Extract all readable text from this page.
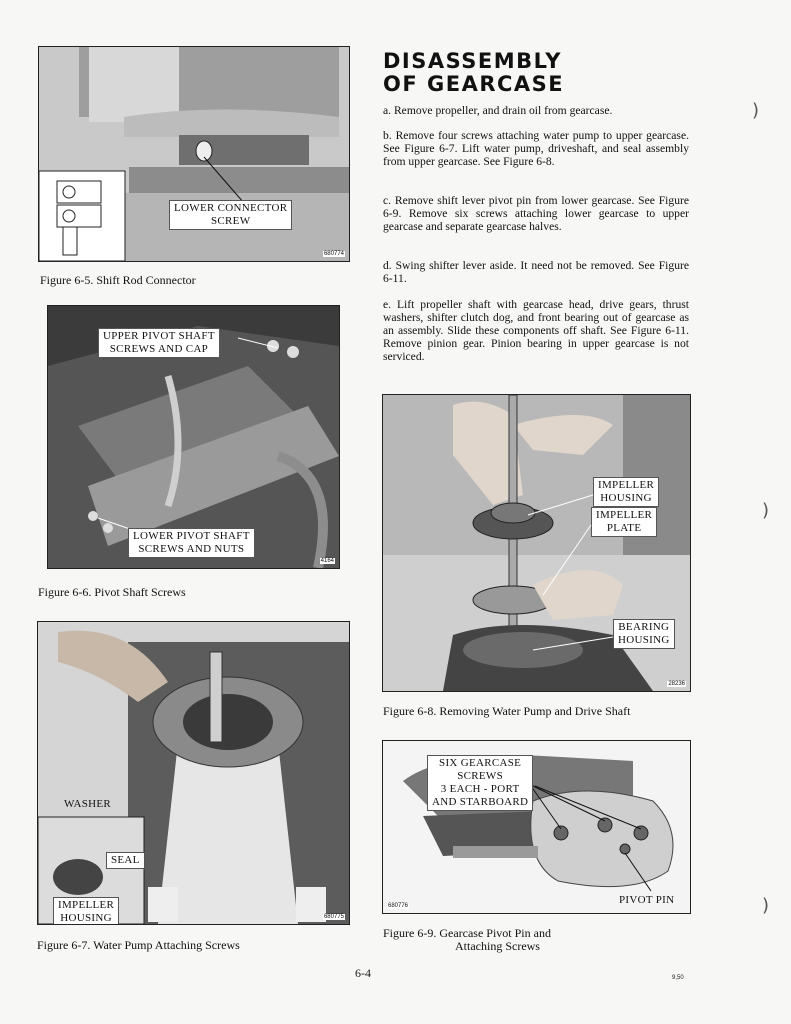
LOWER CONNECTOR
SCREW
680774
Figure 6-5. Shift Rod Connector
UPPER PIVOT SHAFT
SCREWS AND CAP
LOWER PIVOT SHAFT
SCREWS AND NUTS
4164
Figure 6-6. Pivot Shaft Screws
WASHER
SEAL
IMPELLER
HOUSING	680775
Figure 6-7. Water Pump Attaching Screws
DISASSEMBLY
OF GEARCASE

a. Remove propeller, and drain oil from gearcase.

b. Remove four screws attaching water pump to upper gearcase. See Figure 6-7. Lift water pump, driveshaft, and seal assembly from upper gearcase. See Figure 6-8.

c. Remove shift lever pivot pin from lower gearcase. See Figure 6-9. Remove six screws attaching lower gearcase to upper gearcase and separate gearcase halves.

d. Swing shifter lever aside. It need not be removed. See Figure 6-11.

e. Lift propeller shaft with gearcase head, drive gears, thrust washers, shifter clutch dog, and front bearing out of gearcase as an assembly. Slide these components off shaft. See Figure 6-11. Remove pinion gear. Pinion bearing in upper gearcase is not serviced.

IMPELLER
HOUSING
IMPELLER
PLATE
BEARING
HOUSING
28236
Figure 6-8. Removing Water Pump and Drive Shaft
SIX GEARCASE
SCREWS
3 EACH - PORT
AND STARBOARD
PIVOT PIN
680776
Figure 6-9. Gearcase Pivot Pin and
Attaching Screws
6-4	9,50
)
)
)
